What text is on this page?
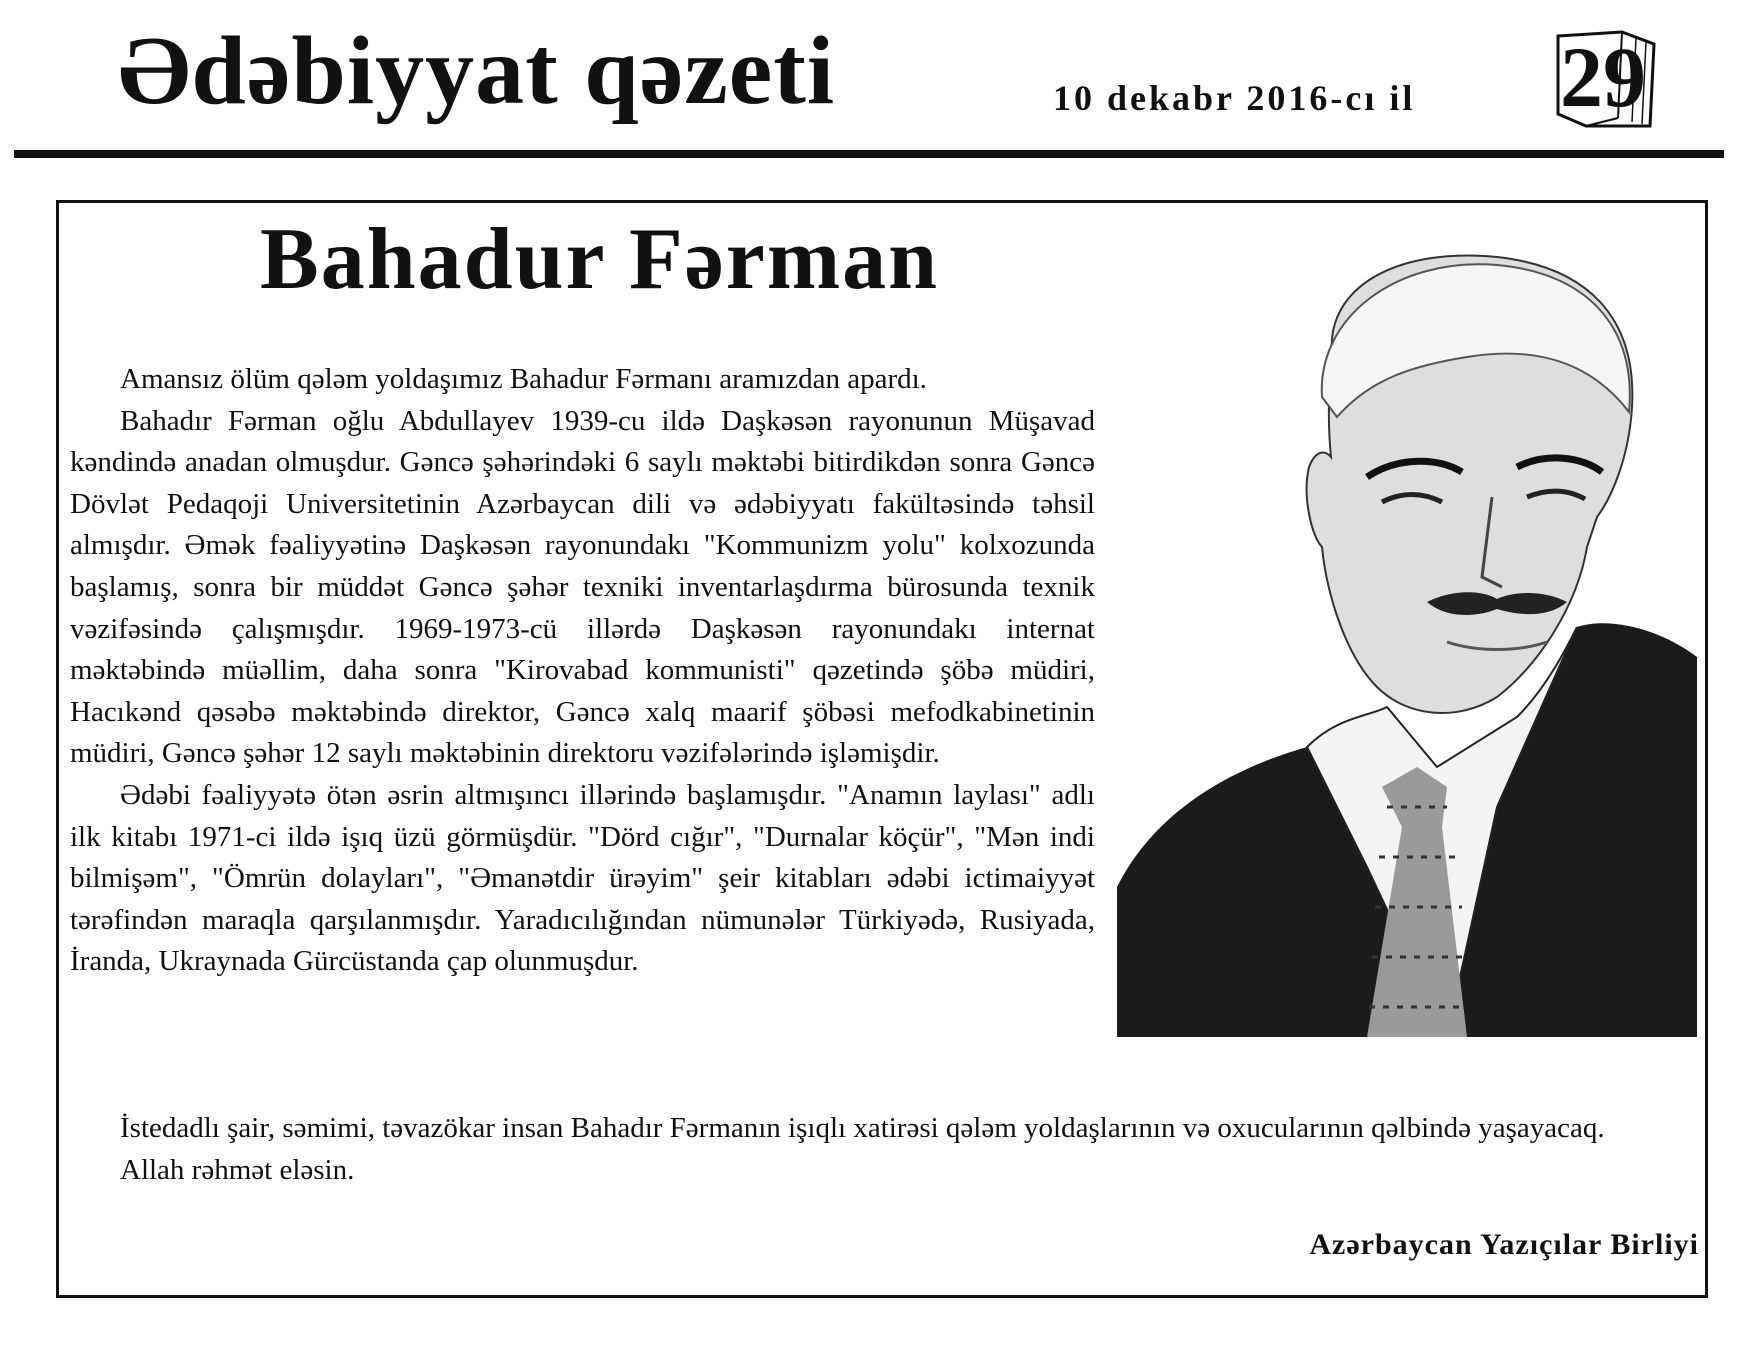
Ədəbiyyat qəzeti	10 dekabr 2016-cı il 29
Bahadur Fərman

Amansız ölüm qələm yoldaşımız Bahadur Fərmanı aramızdan apardı.

Bahadır Fərman oğlu Abdullayev 1939-cu ildə Daşkəsən rayonunun Müşavad kəndində anadan olmuşdur. Gəncə şəhərindəki 6 saylı məktəbi bitirdikdən sonra Gəncə Dövlət Pedaqoji Universitetinin Azərbaycan dili və ədəbiyyatı fakültəsində təhsil almışdır. Əmək fəaliyyətinə Daşkəsən rayonundakı "Kommunizm yolu" kolxozunda başlamış, sonra bir müddət Gəncə şəhər texniki inventarlaşdırma bürosunda texnik vəzifəsində çalışmışdır. 1969-1973-cü illərdə Daşkəsən rayonundakı internat məktəbində müəllim, daha sonra "Kirovabad kommunisti" qəzetində şöbə müdiri, Hacıkənd qəsəbə məktəbində direktor, Gəncə xalq maarif şöbəsi mefodkabinetinin müdiri, Gəncə şəhər 12 saylı məktəbinin direktoru vəzifələrində işləmişdir.

Ədəbi fəaliyyətə ötən əsrin altmışıncı illərində başlamışdır. "Anamın laylası" adlı ilk kitabı 1971-ci ildə işıq üzü görmüşdür. "Dörd cığır", "Durnalar köçür", "Mən indi bilmişəm", "Ömrün dolayları", "Əmanətdir ürəyim" şeir kitabları ədəbi ictimaiyyət tərəfindən maraqla qarşılanmışdır. Yaradıcılığından nümunələr Türkiyədə, Rusiyada, İranda, Ukraynada Gürcüstanda çap olunmuşdur.

İstedadlı şair, səmimi, təvazökar insan Bahadır Fərmanın işıqlı xatirəsi qələm yoldaşlarının və oxucularının qəlbində yaşayacaq.

Allah rəhmət eləsin.

Azərbaycan Yazıçılar Birliyi
